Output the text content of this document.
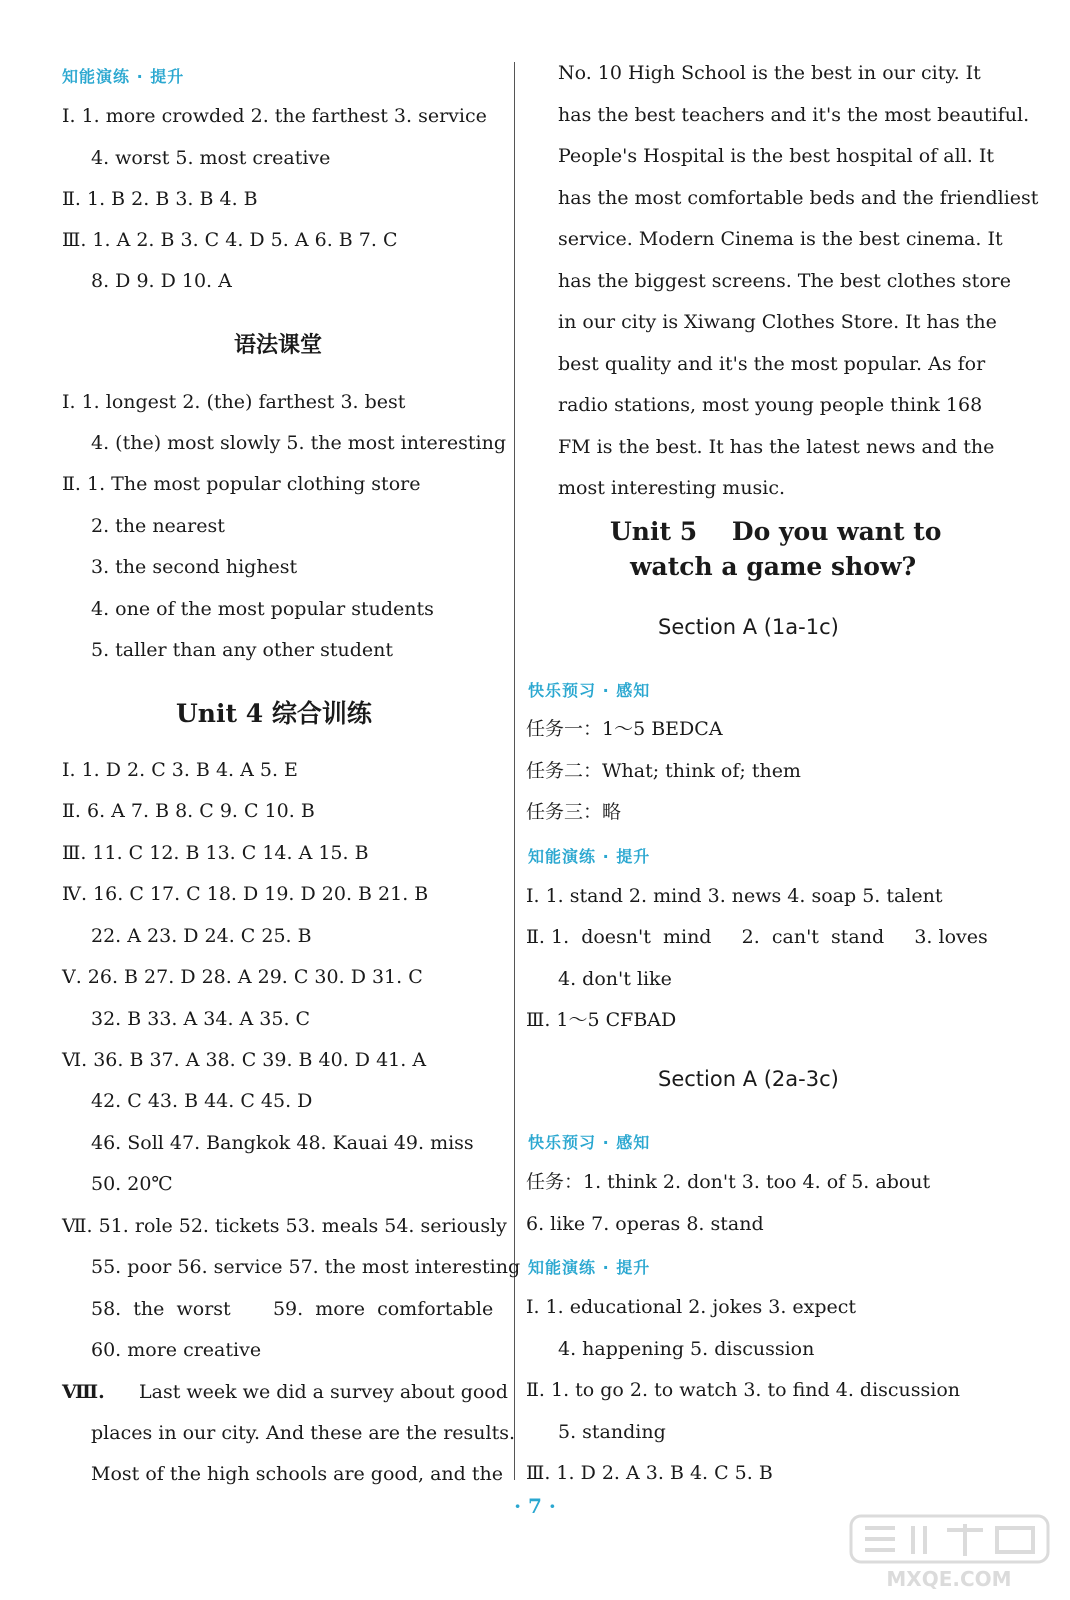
知能演练 · 提升
Ⅰ. 1. more crowded 2. the farthest 3. service
4. worst 5. most creative
Ⅱ. 1. B 2. B 3. B 4. B
Ⅲ. 1. A 2. B 3. C 4. D 5. A 6. B 7. C
8. D 9. D 10. A
语法课堂
Ⅰ. 1. longest 2. (the) farthest 3. best
4. (the) most slowly 5. the most interesting
Ⅱ. 1. The most popular clothing store
2. the nearest
3. the second highest
4. one of the most popular students
5. taller than any other student
Unit 4 综合训练
Ⅰ. 1. D 2. C 3. B 4. A 5. E
Ⅱ. 6. A 7. B 8. C 9. C 10. B
Ⅲ. 11. C 12. B 13. C 14. A 15. B
Ⅳ. 16. C 17. C 18. D 19. D 20. B 21. B
22. A 23. D 24. C 25. B
Ⅴ. 26. B 27. D 28. A 29. C 30. D 31. C
32. B 33. A 34. A 35. C
Ⅵ. 36. B 37. A 38. C 39. B 40. D 41. A
42. C 43. B 44. C 45. D
46. Soll 47. Bangkok 48. Kauai 49. miss
50. 20℃
Ⅶ. 51. role 52. tickets 53. meals 54. seriously
55. poor 56. service 57. the most interesting
58.  the  worst       59.  more  comfortable
60. more creative
Ⅷ. Last week we did a survey about good
places in our city. And these are the results.
Most of the high schools are good, and the
No. 10 High School is the best in our city. It
has the best teachers and it's the most beautiful.
People's Hospital is the best hospital of all. It
has the most comfortable beds and the friendliest
service. Modern Cinema is the best cinema. It
has the biggest screens. The best clothes store
in our city is Xiwang Clothes Store. It has the
best quality and it's the most popular. As for
radio stations, most young people think 168
FM is the best. It has the latest news and the
most interesting music.
Unit 5    Do you want to
watch a game show?
Section A (1a-1c)
快乐预习 · 感知
任务一：1～5 BEDCA
任务二：What; think of; them
任务三：略
知能演练 · 提升
Ⅰ. 1. stand 2. mind 3. news 4. soap 5. talent
Ⅱ. 1.  doesn't  mind     2.  can't  stand     3. loves
4. don't like
Ⅲ. 1～5 CFBAD
Section A (2a-3c)
快乐预习 · 感知
任务：1. think 2. don't 3. too 4. of 5. about
6. like 7. operas 8. stand
知能演练 · 提升
Ⅰ. 1. educational 2. jokes 3. expect
4. happening 5. discussion
Ⅱ. 1. to go 2. to watch 3. to find 4. discussion
5. standing
Ⅲ. 1. D 2. A 3. B 4. C 5. B
· 7 ·
MXQE.COM
